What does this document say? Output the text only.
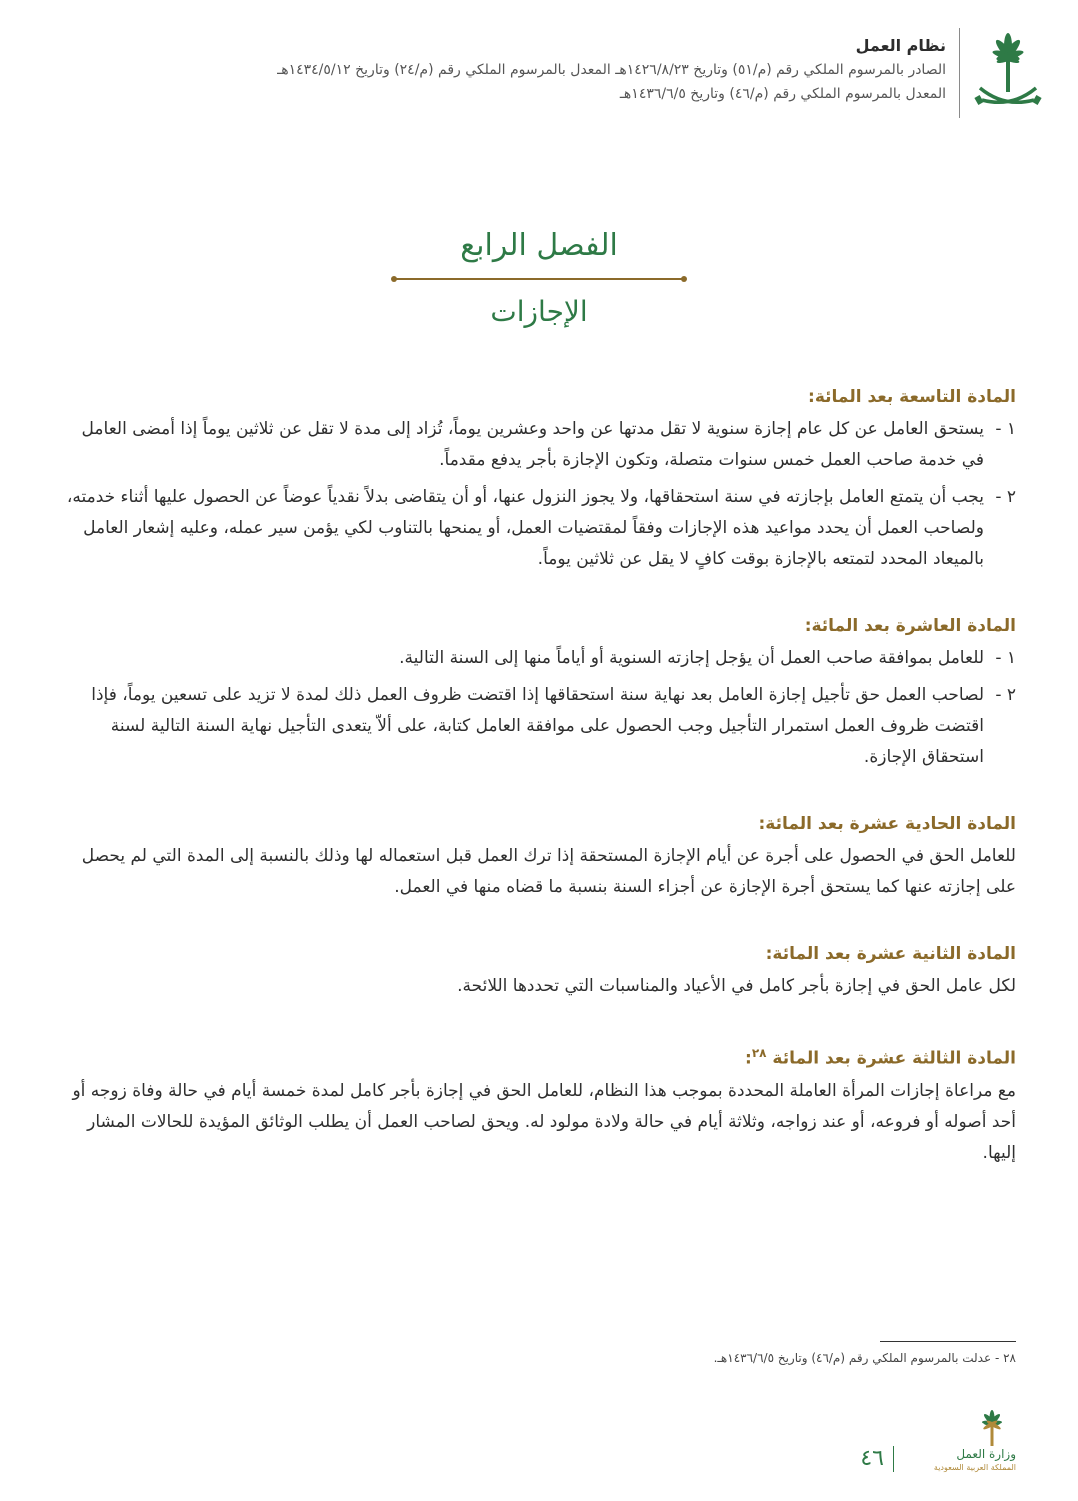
نظام العمل
الصادر بالمرسوم الملكي رقم (م/٥١) وتاريخ ١٤٢٦/٨/٢٣هـ المعدل بالمرسوم الملكي رقم (م/٢٤) وتاريخ ١٤٣٤/٥/١٢هـ
المعدل بالمرسوم الملكي رقم (م/٤٦) وتاريخ ١٤٣٦/٦/٥هـ
الفصل الرابع
الإجازات
المادة التاسعة بعد المائة:
١ -
يستحق العامل عن كل عام إجازة سنوية لا تقل مدتها عن واحد وعشرين يوماً، تُزاد إلى مدة لا تقل عن ثلاثين يوماً إذا أمضى العامل في خدمة صاحب العمل خمس سنوات متصلة، وتكون الإجازة بأجر يدفع مقدماً.
٢ -
يجب أن يتمتع العامل بإجازته في سنة استحقاقها، ولا يجوز النزول عنها، أو أن يتقاضى بدلاً نقدياً عوضاً عن الحصول عليها أثناء خدمته، ولصاحب العمل أن يحدد مواعيد هذه الإجازات وفقاً لمقتضيات العمل، أو يمنحها بالتناوب لكي يؤمن سير عمله، وعليه إشعار العامل بالميعاد المحدد لتمتعه بالإجازة بوقت كافٍ لا يقل عن ثلاثين يوماً.
المادة العاشرة بعد المائة:
١ -
للعامل بموافقة صاحب العمل أن يؤجل إجازته السنوية أو أياماً منها إلى السنة التالية.
٢ -
لصاحب العمل حق تأجيل إجازة العامل بعد نهاية سنة استحقاقها إذا اقتضت ظروف العمل ذلك لمدة لا تزيد على تسعين يوماً، فإذا اقتضت ظروف العمل استمرار التأجيل وجب الحصول على موافقة العامل كتابة، على ألاّ يتعدى التأجيل نهاية السنة التالية لسنة استحقاق الإجازة.
المادة الحادية عشرة بعد المائة:
للعامل الحق في الحصول على أجرة عن أيام الإجازة المستحقة إذا ترك العمل قبل استعماله لها وذلك بالنسبة إلى المدة التي لم يحصل على إجازته عنها كما يستحق أجرة الإجازة عن أجزاء السنة بنسبة ما قضاه منها في العمل.
المادة الثانية عشرة بعد المائة:
لكل عامل الحق في إجازة بأجر كامل في الأعياد والمناسبات التي تحددها اللائحة.
المادة الثالثة عشرة بعد المائة $^{٢٨}$:
مع مراعاة إجازات المرأة العاملة المحددة بموجب هذا النظام، للعامل الحق في إجازة بأجر كامل لمدة خمسة أيام في حالة وفاة زوجه أو أحد أصوله أو فروعه، أو عند زواجه، وثلاثة أيام في حالة ولادة مولود له. ويحق لصاحب العمل أن يطلب الوثائق المؤيدة للحالات المشار إليها.
٢٨ - عدلت بالمرسوم الملكي رقم (م/٤٦) وتاريخ ١٤٣٦/٦/٥هـ.
وزارة العمل
المملكة العربية السعودية
٤٦
